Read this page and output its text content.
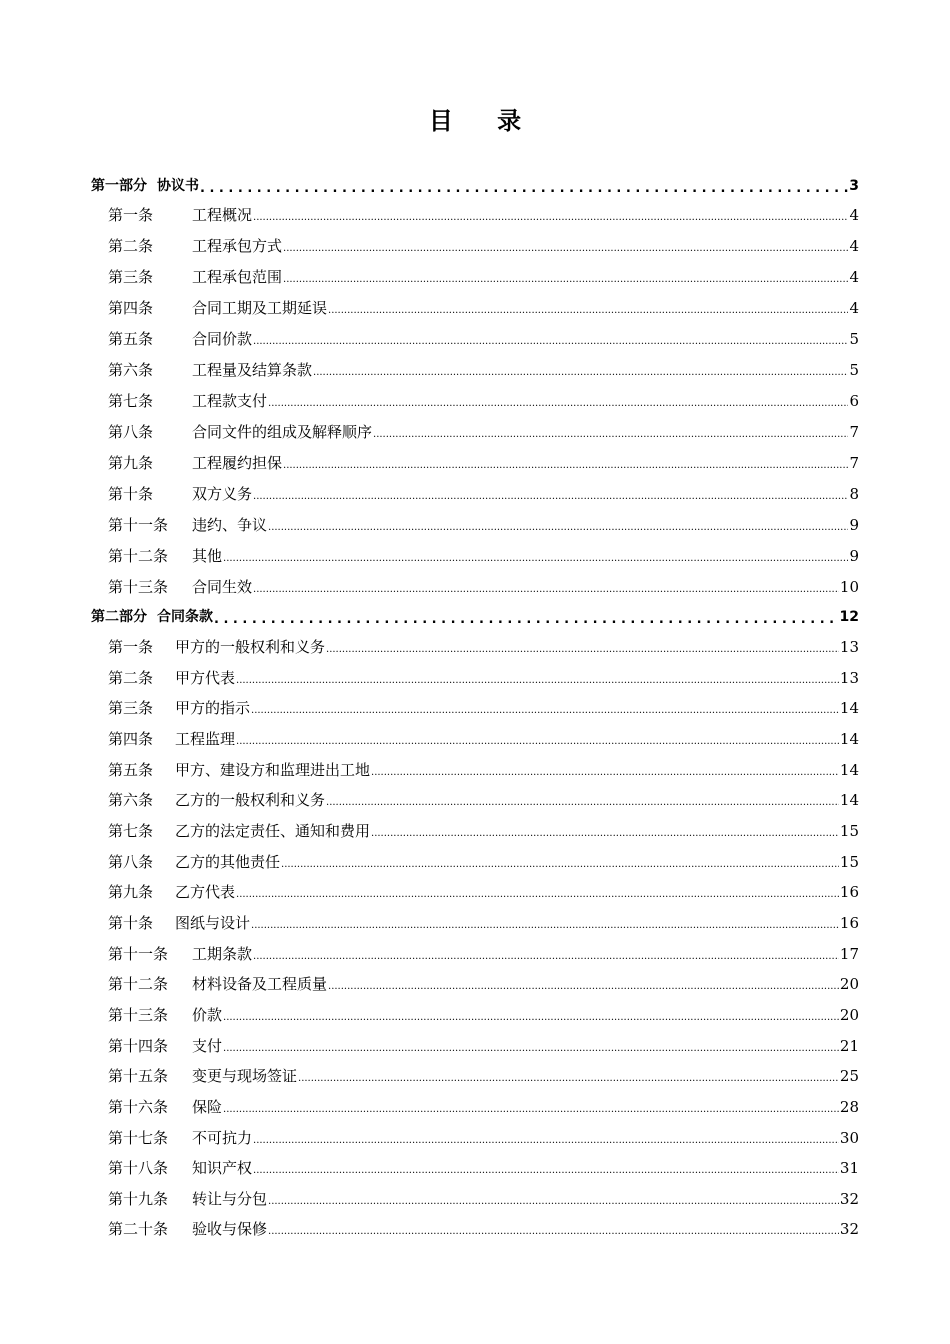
目 录
第一部分 协议书 . . .	3
第一条	工程概况 .....	4
第二条	工程承包方式 .....	4
第三条	工程承包范围 .....	4
第四条	合同工期及工期延误 .....	4
第五条	合同价款 .....	5
第六条	工程量及结算条款 .....	5
第七条	工程款支付 .....	6
第八条	合同文件的组成及解释顺序 .....	7
第九条	工程履约担保 .....	7
第十条	双方义务 .....	8
第十一条	违约、争议 .....	9
第十二条	其他 .....	9
第十三条	合同生效 .....	10
第二部分 合同条款 . . .	12
第一条	甲方的一般权利和义务 .....	13
第二条	甲方代表 .....	13
第三条	甲方的指示 .....	14
第四条	工程监理 .....	14
第五条	甲方、建设方和监理进出工地 .....	14
第六条	乙方的一般权利和义务 .....	14
第七条	乙方的法定责任、通知和费用 .....	15
第八条	乙方的其他责任 .....	15
第九条	乙方代表 .....	16
第十条	图纸与设计 .....	16
第十一条	工期条款 .....	17
第十二条	材料设备及工程质量 .....	20
第十三条	价款 .....	20
第十四条	支付 .....	21
第十五条	变更与现场签证 .....	25
第十六条	保险 .....	28
第十七条	不可抗力 .....	30
第十八条	知识产权 .....	31
第十九条	转让与分包 .....	32
第二十条	验收与保修 .....	32
